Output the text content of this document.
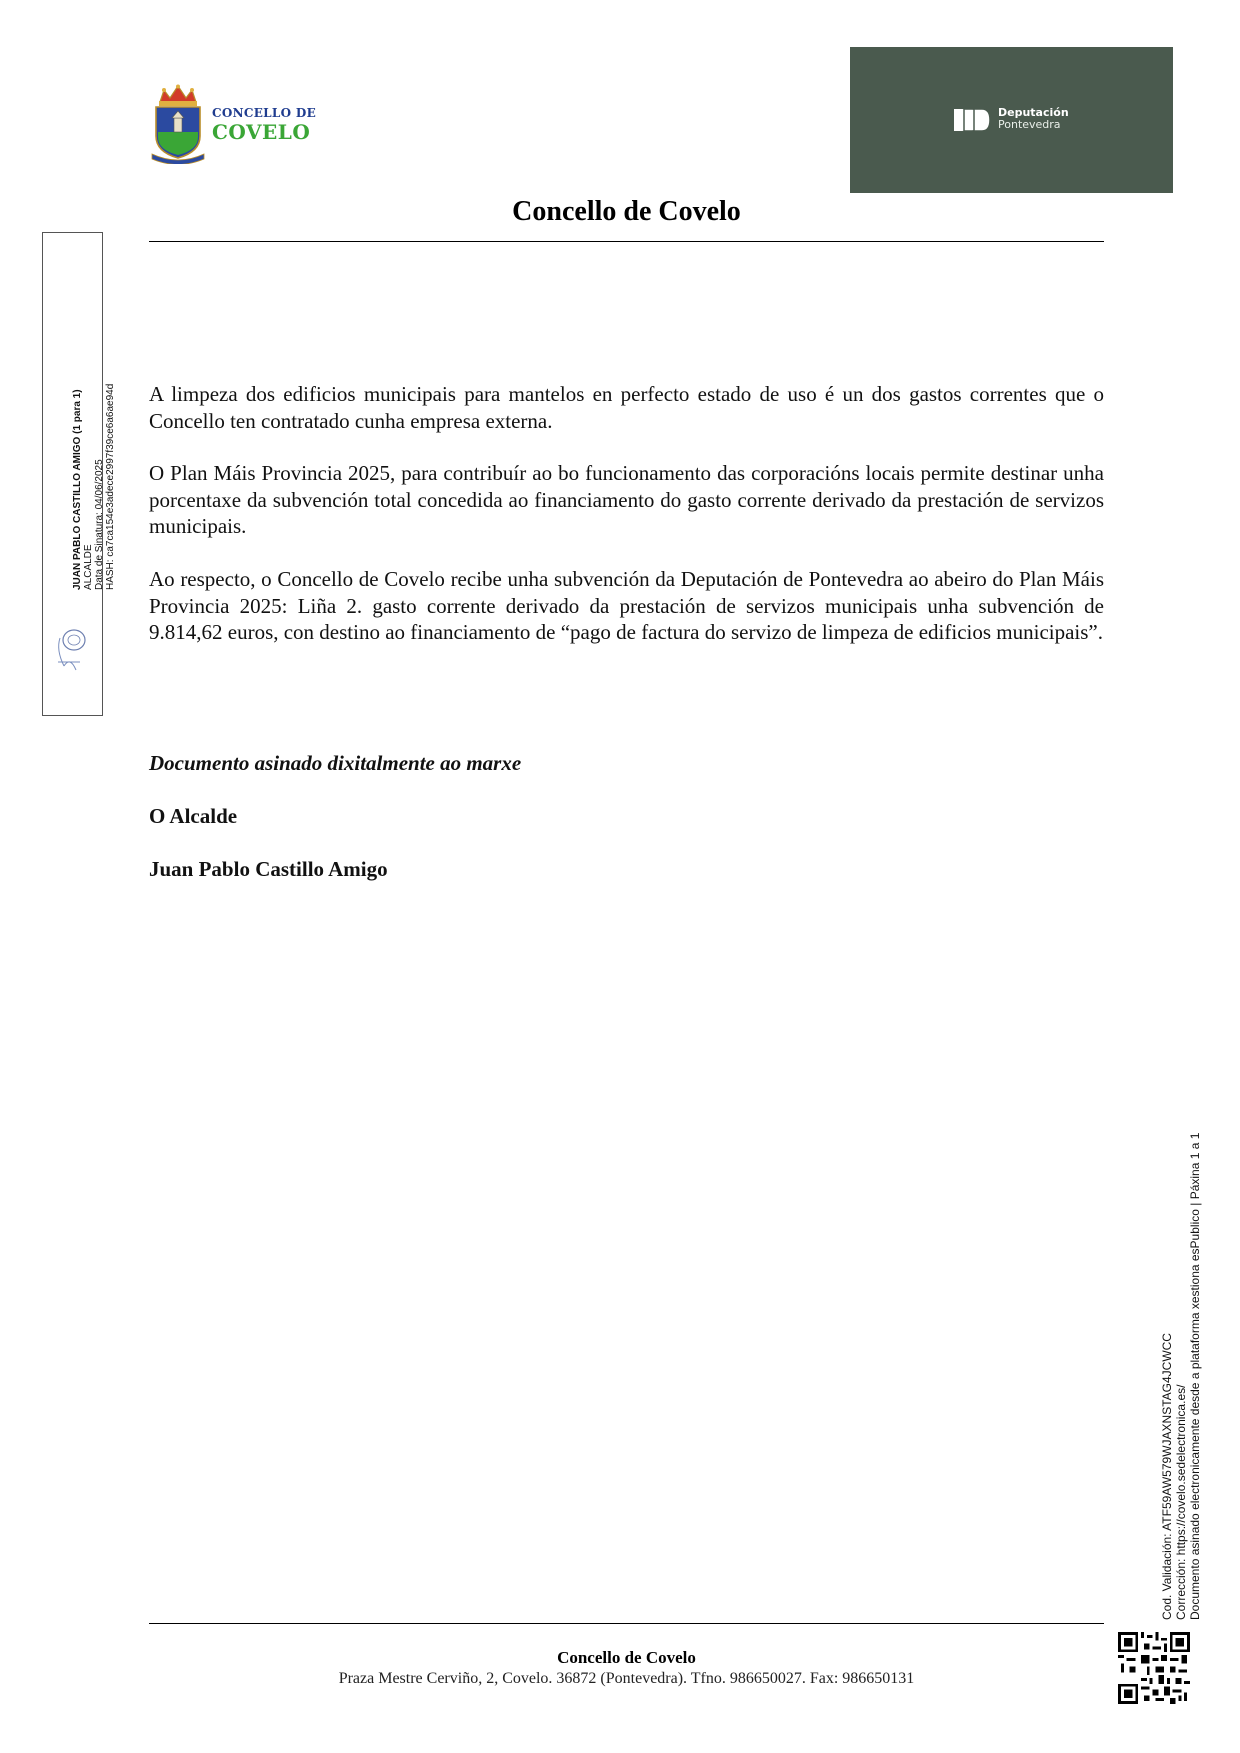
CONCELLO DE
COVELO
Deputación
Pontevedra
Concello de Covelo
JUAN PABLO CASTILLO AMIGO (1 para 1) ALCALDE Data de Sinatura: 04/06/2025 HASH: ca7ca154e3adece2997f39ce6a6ae94d A limpeza dos edificios municipais para mantelos en perfecto estado de uso é un dos gastos correntes que o Concello ten contratado cunha empresa externa.
O Plan Máis Provincia 2025, para contribuír ao bo funcionamento das corporacións locais permite destinar unha porcentaxe da subvención total concedida ao financiamento do gasto corrente derivado da prestación de servizos municipais.
Ao respecto, o Concello de Covelo recibe unha subvención da Deputación de Pontevedra ao abeiro do Plan Máis Provincia 2025: Liña 2. gasto corrente derivado da prestación de servizos municipais unha subvención de 9.814,62 euros, con destino ao financiamento de “pago de factura do servizo de limpeza de edificios municipais”.
Documento asinado dixitalmente ao marxe
O Alcalde
Juan Pablo Castillo Amigo
Cod. Validación: ATF59AW579WJAXNSTAG4JCWCC Corrección: https://covelo.sedelectronica.es/ Documento asinado electronicamente desde a plataforma xestiona esPublico | Páxina 1 a 1
Concello de Covelo
Praza Mestre Cerviño, 2, Covelo. 36872 (Pontevedra). Tfno. 986650027. Fax: 986650131
